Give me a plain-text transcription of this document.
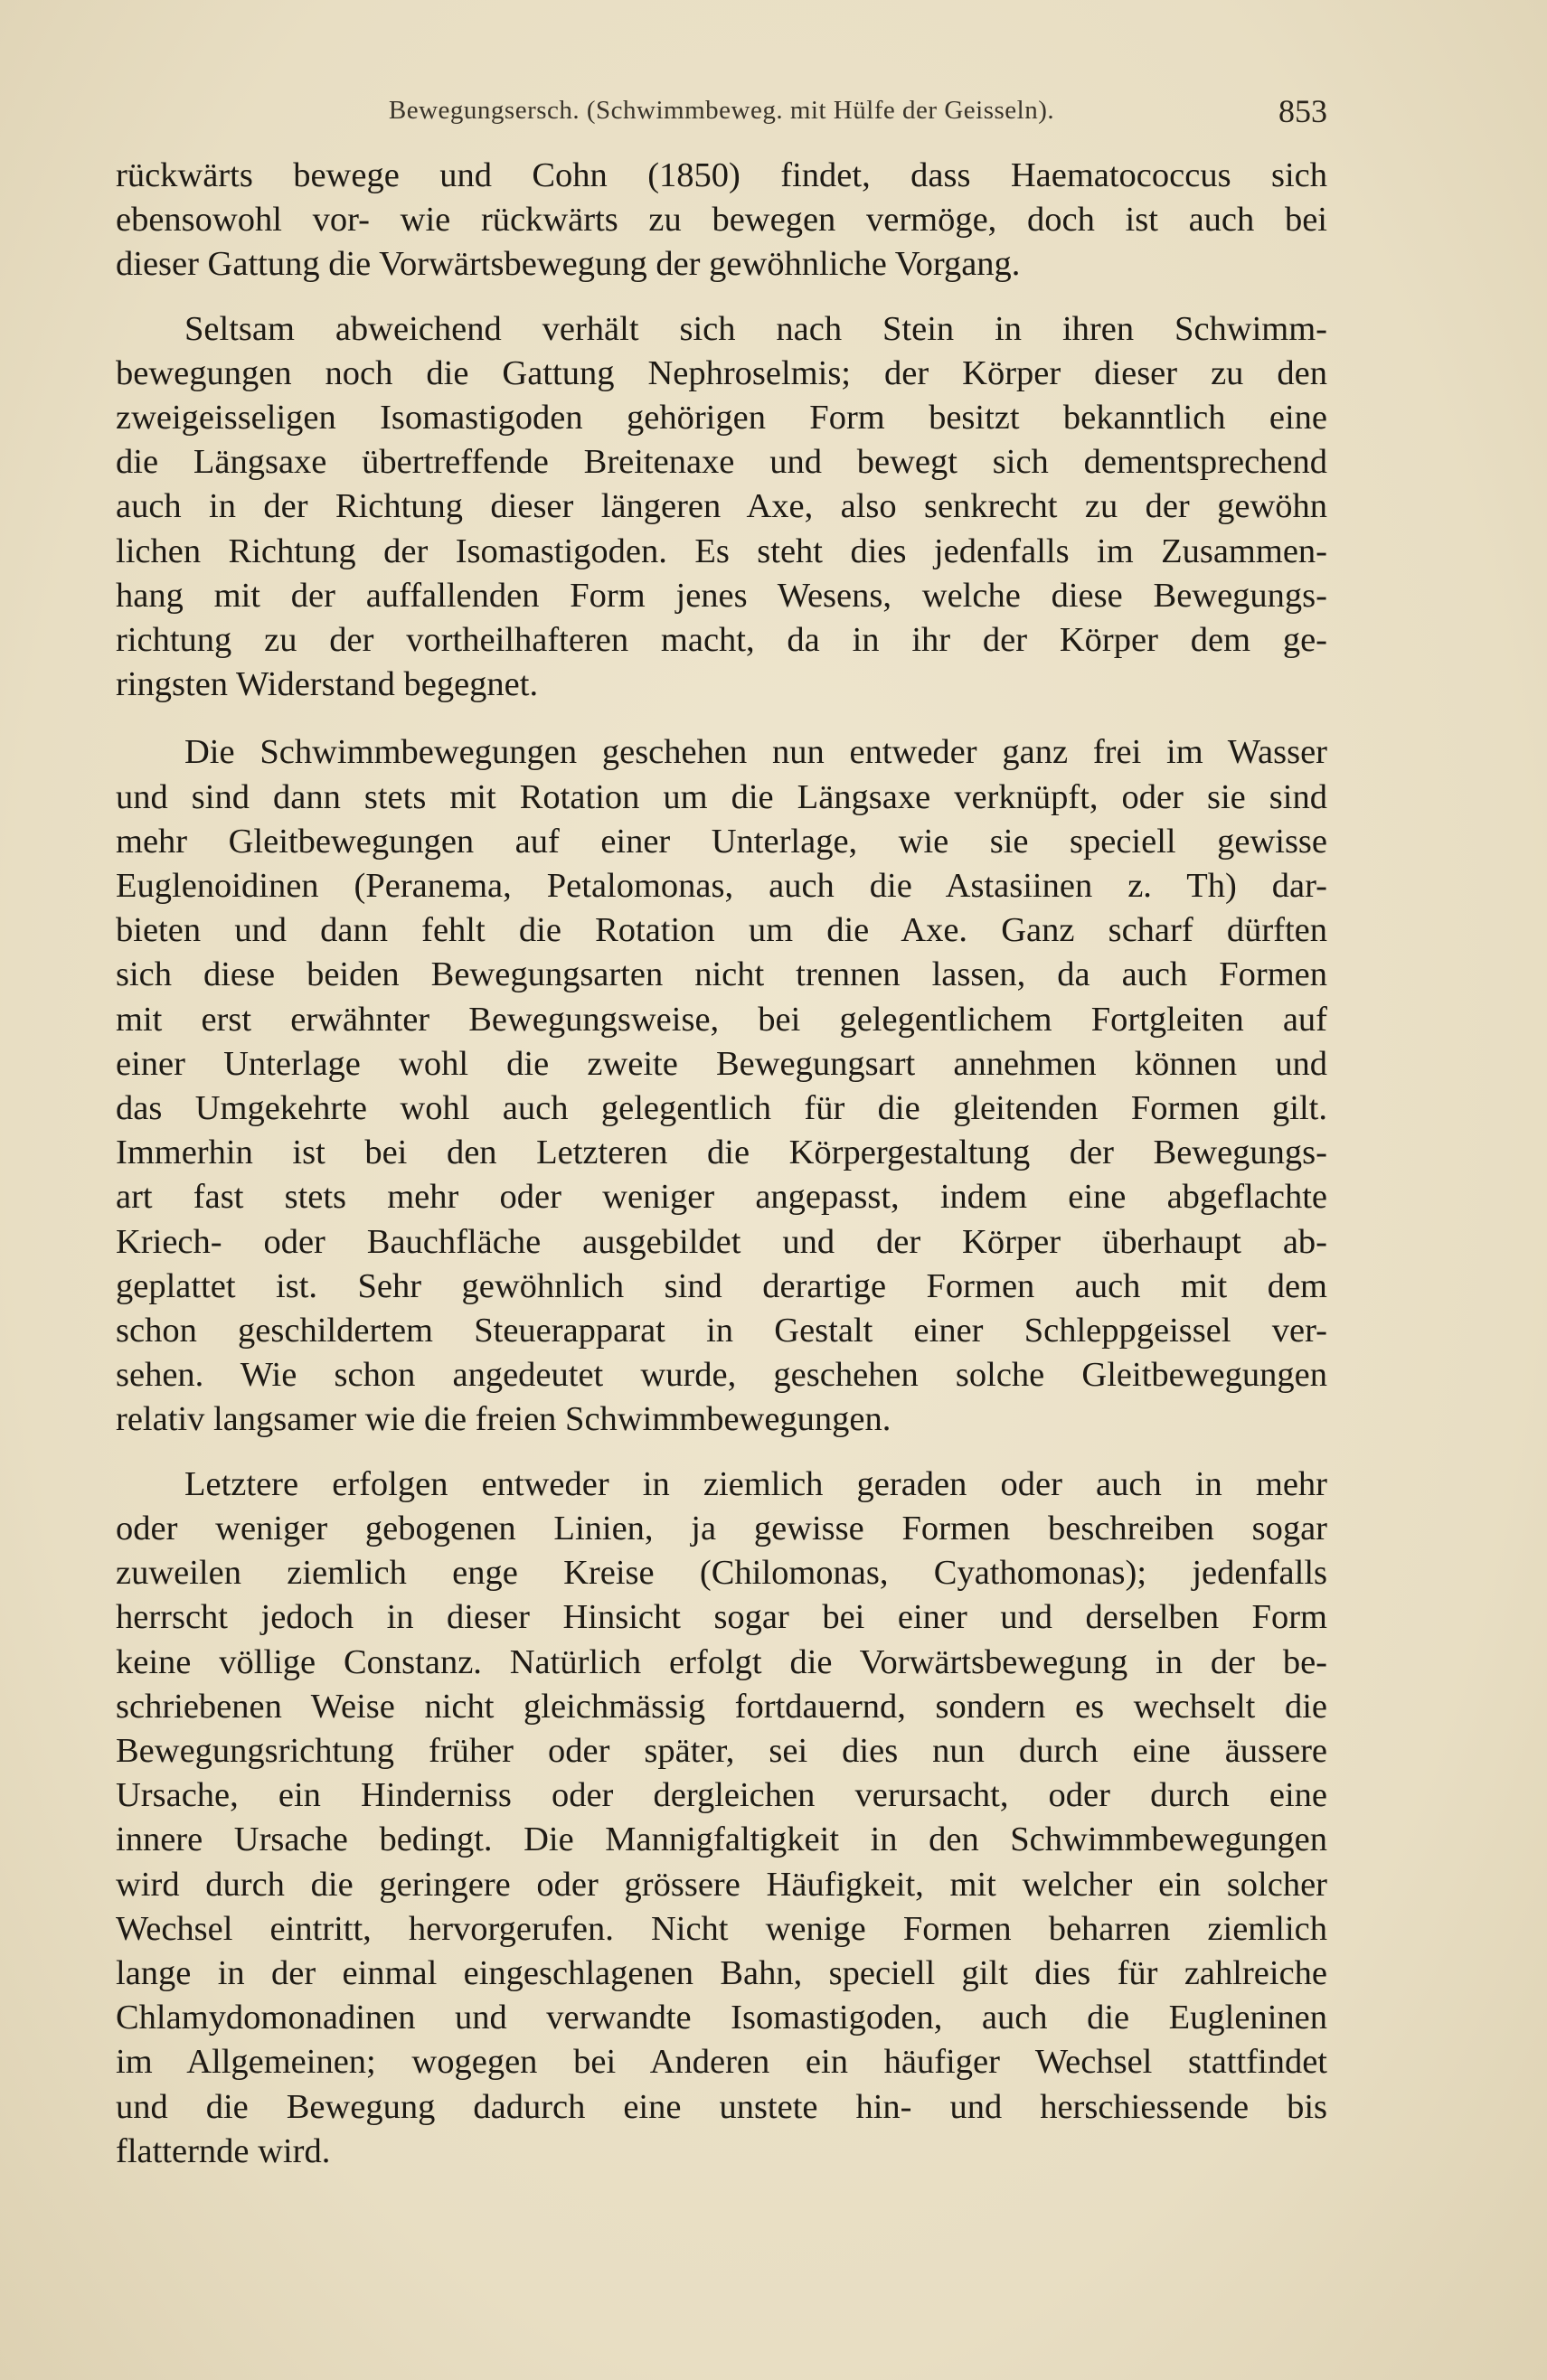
Bewegungsersch. (Schwimmbeweg. mit Hülfe der Geisseln).	853

rückwärts bewege und Cohn (1850) findet, dass Haematococcus sich
ebensowohl vor- wie rückwärts zu bewegen vermöge, doch ist auch bei
dieser Gattung die Vorwärtsbewegung der gewöhnliche Vorgang.

Seltsam abweichend verhält sich nach Stein in ihren Schwimm-
bewegungen noch die Gattung Nephroselmis; der Körper dieser zu den
zweigeisseligen Isomastigoden gehörigen Form besitzt bekanntlich eine
die Längsaxe übertreffende Breitenaxe und bewegt sich dementsprechend
auch in der Richtung dieser längeren Axe, also senkrecht zu der gewöhn
lichen Richtung der Isomastigoden. Es steht dies jedenfalls im Zusammen-
hang mit der auffallenden Form jenes Wesens, welche diese Bewegungs-
richtung zu der vortheilhafteren macht, da in ihr der Körper dem ge-
ringsten Widerstand begegnet.

Die Schwimmbewegungen geschehen nun entweder ganz frei im Wasser
und sind dann stets mit Rotation um die Längsaxe verknüpft, oder sie sind
mehr Gleitbewegungen auf einer Unterlage, wie sie speciell gewisse
Euglenoidinen (Peranema, Petalomonas, auch die Astasiinen z. Th) dar-
bieten und dann fehlt die Rotation um die Axe. Ganz scharf dürften
sich diese beiden Bewegungsarten nicht trennen lassen, da auch Formen
mit erst erwähnter Bewegungsweise, bei gelegentlichem Fortgleiten auf
einer Unterlage wohl die zweite Bewegungsart annehmen können und
das Umgekehrte wohl auch gelegentlich für die gleitenden Formen gilt.
Immerhin ist bei den Letzteren die Körpergestaltung der Bewegungs-
art fast stets mehr oder weniger angepasst, indem eine abgeflachte
Kriech- oder Bauchfläche ausgebildet und der Körper überhaupt ab-
geplattet ist. Sehr gewöhnlich sind derartige Formen auch mit dem
schon geschildertem Steuerapparat in Gestalt einer Schleppgeissel ver-
sehen. Wie schon angedeutet wurde, geschehen solche Gleitbewegungen
relativ langsamer wie die freien Schwimmbewegungen.

Letztere erfolgen entweder in ziemlich geraden oder auch in mehr
oder weniger gebogenen Linien, ja gewisse Formen beschreiben sogar
zuweilen ziemlich enge Kreise (Chilomonas, Cyathomonas); jedenfalls
herrscht jedoch in dieser Hinsicht sogar bei einer und derselben Form
keine völlige Constanz. Natürlich erfolgt die Vorwärtsbewegung in der be-
schriebenen Weise nicht gleichmässig fortdauernd, sondern es wechselt die
Bewegungsrichtung früher oder später, sei dies nun durch eine äussere
Ursache, ein Hinderniss oder dergleichen verursacht, oder durch eine
innere Ursache bedingt. Die Mannigfaltigkeit in den Schwimmbewegungen
wird durch die geringere oder grössere Häufigkeit, mit welcher ein solcher
Wechsel eintritt, hervorgerufen. Nicht wenige Formen beharren ziemlich
lange in der einmal eingeschlagenen Bahn, speciell gilt dies für zahlreiche
Chlamydomonadinen und verwandte Isomastigoden, auch die Eugleninen
im Allgemeinen; wogegen bei Anderen ein häufiger Wechsel stattfindet
und die Bewegung dadurch eine unstete hin- und herschiessende bis
flatternde wird.
